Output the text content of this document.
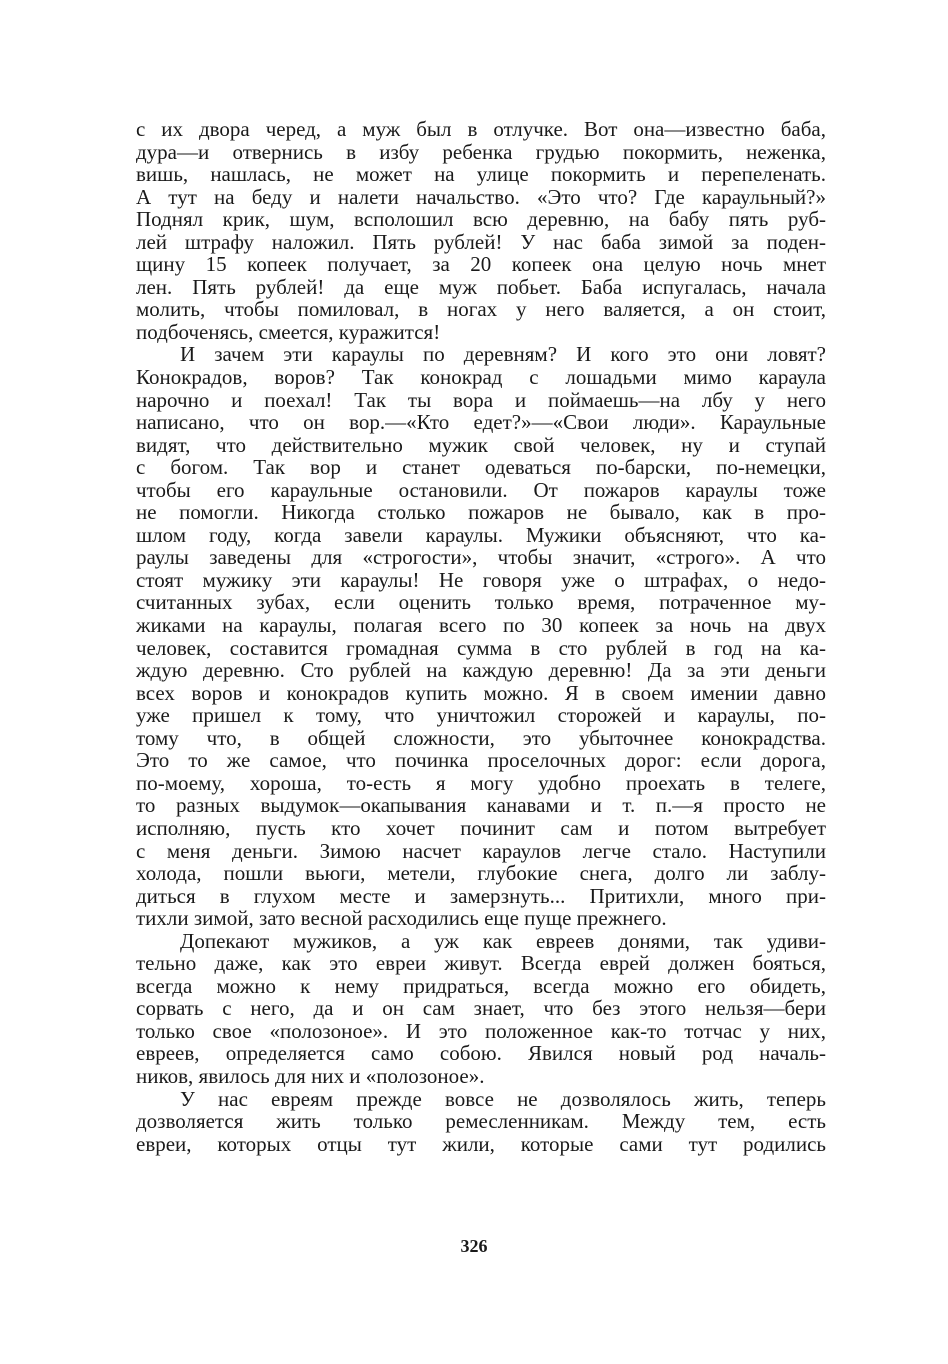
с их двора черед, а муж был в отлучке. Вот она—известно баба,
дура—и отвернись в избу ребенка грудью покормить, неженка,
вишь, нашлась, не может на улице покормить и перепеленать.
А тут на беду и налети начальство. «Это что? Где караульный?»
Поднял крик, шум, всполошил всю деревню, на бабу пять руб-
лей штрафу наложил. Пять рублей! У нас баба зимой за поден-
щину 15 копеек получает, за 20 копеек она целую ночь мнет
лен. Пять рублей! да еще муж побьет. Баба испугалась, начала
молить, чтобы помиловал, в ногах у него валяется, а он стоит,
подбоченясь, смеется, куражится!
И зачем эти караулы по деревням? И кого это они ловят?
Конокрадов, воров? Так конокрад с лошадьми мимо караула
нарочно и поехал! Так ты вора и поймаешь—на лбу у него
написано, что он вор.—«Кто едет?»—«Свои люди». Караульные
видят, что действительно мужик свой человек, ну и ступай
с богом. Так вор и станет одеваться по-барски, по-немецки,
чтобы его караульные остановили. От пожаров караулы тоже
не помогли. Никогда столько пожаров не бывало, как в про-
шлом году, когда завели караулы. Мужики объясняют, что ка-
раулы заведены для «строгости», чтобы значит, «строго». А что
стоят мужику эти караулы! Не говоря уже о штрафах, о недо-
считанных зубах, если оценить только время, потраченное му-
жиками на караулы, полагая всего по 30 копеек за ночь на двух
человек, составится громадная сумма в сто рублей в год на ка-
ждую деревню. Сто рублей на каждую деревню! Да за эти деньги
всех воров и конокрадов купить можно. Я в своем имении давно
уже пришел к тому, что уничтожил сторожей и караулы, по-
тому что, в общей сложности, это убыточнее конокрадства.
Это то же самое, что починка проселочных дорог: если дорога,
по-моему, хороша, то-есть я могу удобно проехать в телеге,
то разных выдумок—окапывания канавами и т. п.—я просто не
исполняю, пусть кто хочет починит сам и потом вытребует
с меня деньги. Зимою насчет караулов легче стало. Наступили
холода, пошли вьюги, метели, глубокие снега, долго ли заблу-
диться в глухом месте и замерзнуть... Притихли, много при-
тихли зимой, зато весной расходились еще пуще прежнего.
Допекают мужиков, а уж как евреев донями, так удиви-
тельно даже, как это евреи живут. Всегда еврей должен бояться,
всегда можно к нему придраться, всегда можно его обидеть,
сорвать с него, да и он сам знает, что без этого нельзя—бери
только свое «полозоное». И это положенное как-то тотчас у них,
евреев, определяется само собою. Явился новый род началь-
ников, явилось для них и «полозоное».
У нас евреям прежде вовсе не дозволялось жить, теперь
дозволяется жить только ремесленникам. Между тем, есть
евреи, которых отцы тут жили, которые сами тут родились
326
